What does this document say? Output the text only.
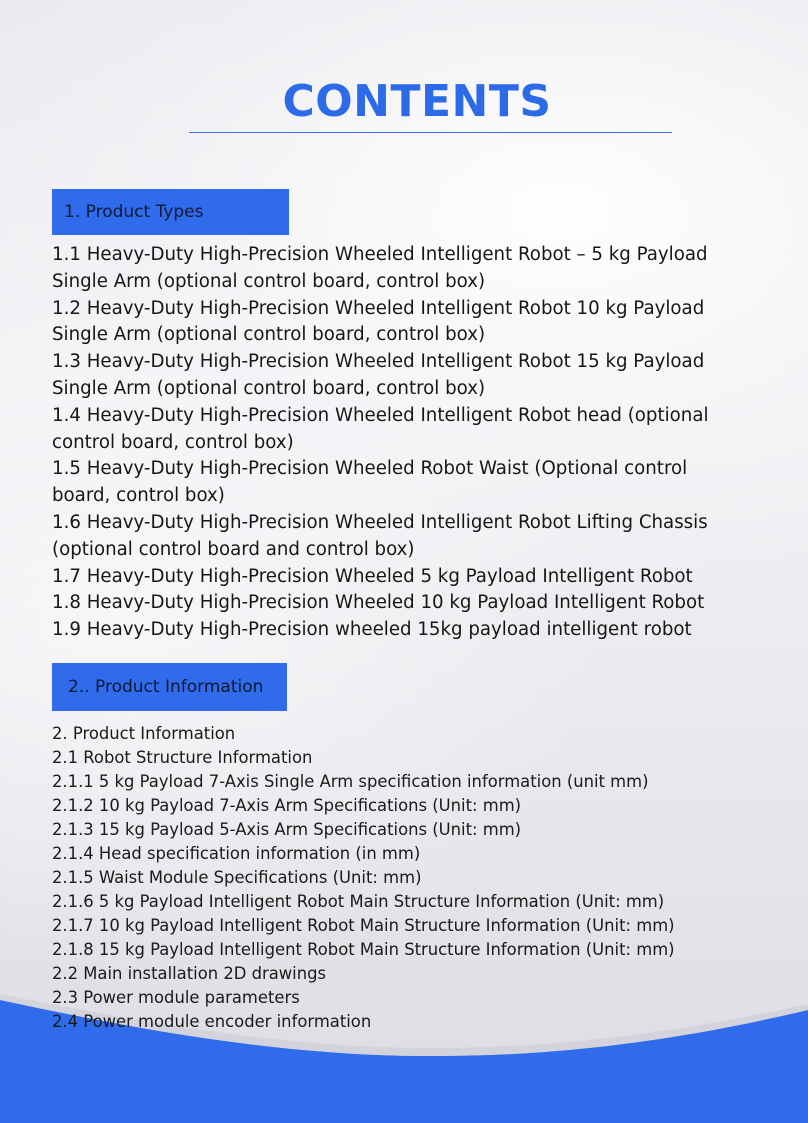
CONTENTS
1. Product Types
1.1 Heavy-Duty High-Precision Wheeled Intelligent Robot – 5 kg Payload Single Arm (optional control board, control box)
1.2 Heavy-Duty High-Precision Wheeled Intelligent Robot 10 kg Payload Single Arm (optional control board, control box)
1.3 Heavy-Duty High-Precision Wheeled Intelligent Robot 15 kg Payload Single Arm (optional control board, control box)
1.4 Heavy-Duty High-Precision Wheeled Intelligent Robot head (optional control board, control box)
1.5 Heavy-Duty High-Precision Wheeled Robot Waist (Optional control board, control box)
1.6 Heavy-Duty High-Precision Wheeled Intelligent Robot Lifting Chassis (optional control board and control box)
1.7 Heavy-Duty High-Precision Wheeled 5 kg Payload Intelligent Robot
1.8 Heavy-Duty High-Precision Wheeled 10 kg Payload Intelligent Robot
1.9 Heavy-Duty High-Precision wheeled 15kg payload intelligent robot
2.. Product Information
2. Product Information
2.1 Robot Structure Information
2.1.1 5 kg Payload 7-Axis Single Arm specification information (unit mm)
2.1.2 10 kg Payload 7-Axis Arm Specifications (Unit: mm)
2.1.3 15 kg Payload 5-Axis Arm Specifications (Unit: mm)
2.1.4 Head specification information (in mm)
2.1.5 Waist Module Specifications (Unit: mm)
2.1.6 5 kg Payload Intelligent Robot Main Structure Information (Unit: mm)
2.1.7 10 kg Payload Intelligent Robot Main Structure Information (Unit: mm)
2.1.8 15 kg Payload Intelligent Robot Main Structure Information (Unit: mm)
2.2 Main installation 2D drawings
2.3 Power module parameters
2.4 Power module encoder information
